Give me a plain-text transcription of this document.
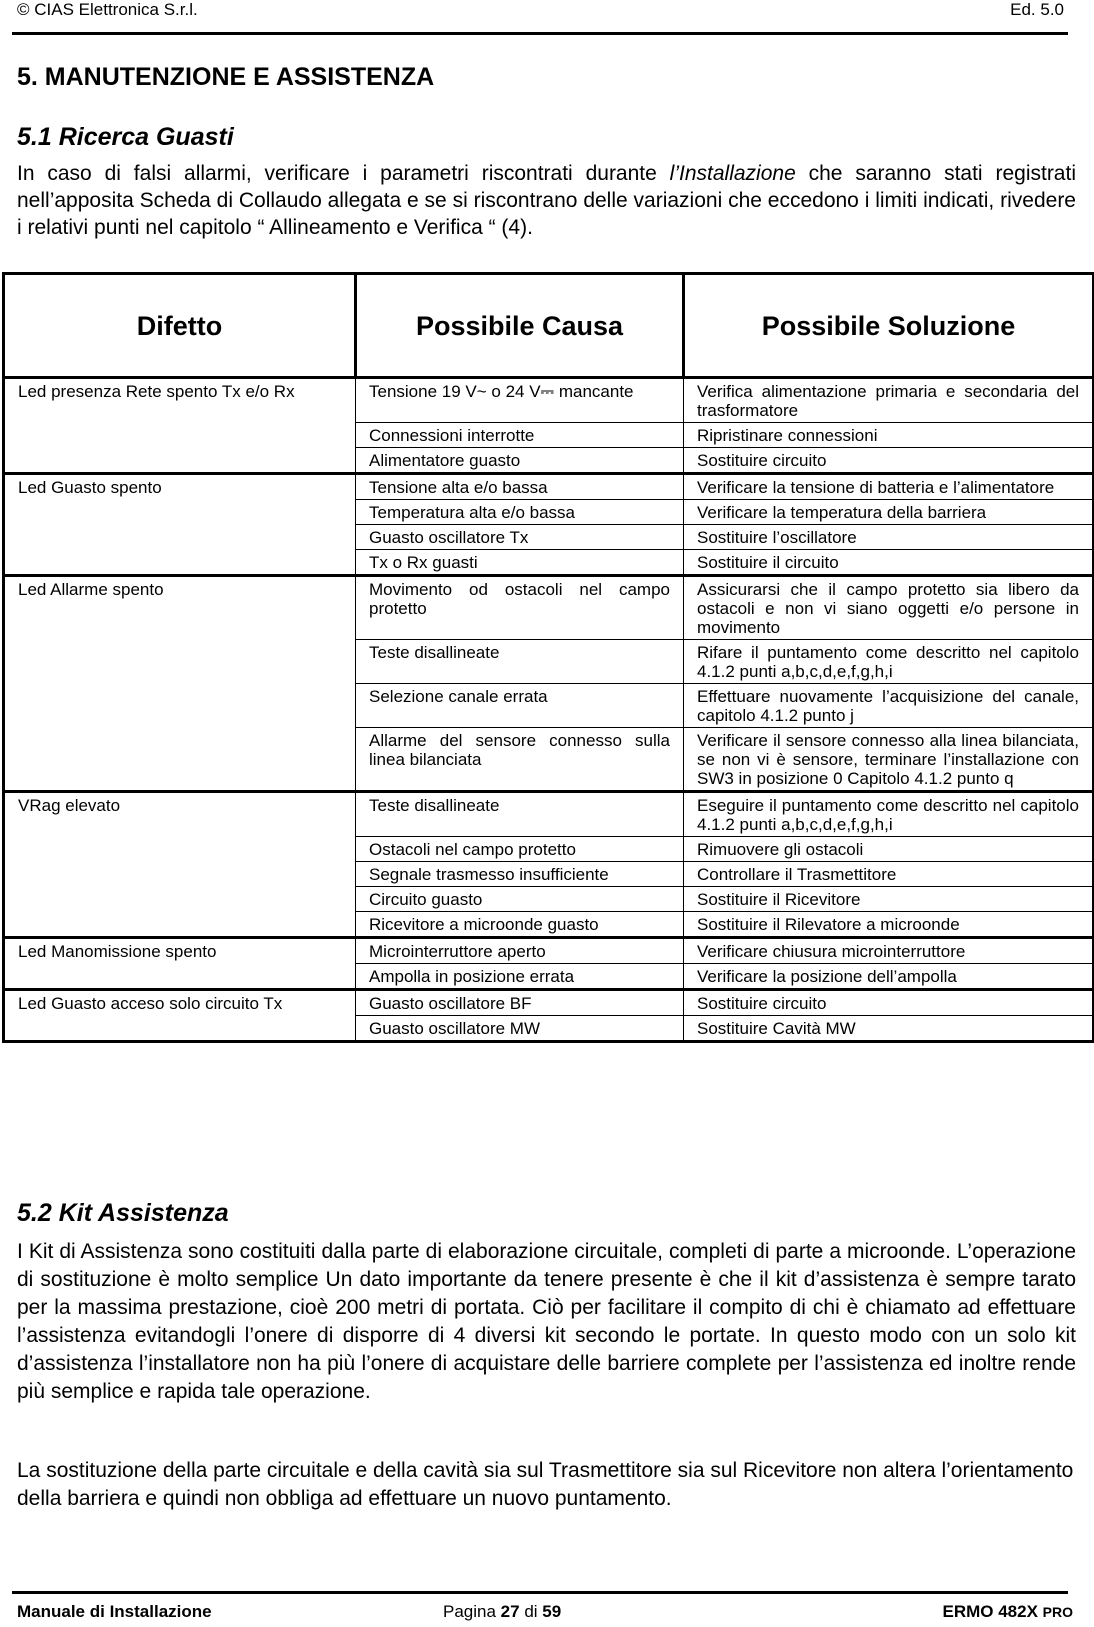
© CIAS Elettronica S.r.l.	Ed. 5.0
5. MANUTENZIONE E ASSISTENZA
5.1 Ricerca Guasti
In caso di falsi allarmi, verificare i parametri riscontrati durante l’Installazione che saranno stati registrati nell’apposita Scheda di Collaudo allegata e se si riscontrano delle variazioni che eccedono i limiti indicati, rivedere i relativi punti nel capitolo “ Allineamento e Verifica “ (4).
Difetto	Possibile Causa	Possibile Soluzione
Led presenza Rete spento Tx e/o Rx	Tensione 19 V~ o 24 V⎓ mancante	Verifica alimentazione primaria e secondaria del trasformatore
	Connessioni interrotte	Ripristinare connessioni
	Alimentatore guasto	Sostituire circuito
Led Guasto spento	Tensione alta e/o bassa	Verificare la tensione di batteria e l’alimentatore
	Temperatura alta e/o bassa	Verificare la temperatura della barriera
	Guasto oscillatore Tx	Sostituire l’oscillatore
	Tx o Rx guasti	Sostituire il circuito
Led Allarme spento	Movimento od ostacoli nel campo protetto	Assicurarsi che il campo protetto sia libero da ostacoli e non vi siano oggetti e/o persone in movimento
	Teste disallineate	Rifare il puntamento come descritto nel capitolo 4.1.2 punti a,b,c,d,e,f,g,h,i
	Selezione canale errata	Effettuare nuovamente l’acquisizione del canale, capitolo 4.1.2 punto j
	Allarme del sensore connesso sulla linea bilanciata	Verificare il sensore connesso alla linea bilanciata, se non vi è sensore, terminare l’installazione con SW3 in posizione 0 Capitolo 4.1.2 punto q
VRag elevato	Teste disallineate	Eseguire il puntamento come descritto nel capitolo 4.1.2 punti a,b,c,d,e,f,g,h,i
	Ostacoli nel campo protetto	Rimuovere gli ostacoli
	Segnale trasmesso insufficiente	Controllare il Trasmettitore
	Circuito guasto	Sostituire il Ricevitore
	Ricevitore a microonde guasto	Sostituire il Rilevatore a microonde
Led Manomissione spento	Microinterruttore aperto	Verificare chiusura microinterruttore
	Ampolla in posizione errata	Verificare la posizione dell’ampolla
Led Guasto acceso solo circuito Tx	Guasto oscillatore BF	Sostituire circuito
	Guasto oscillatore MW	Sostituire Cavità MW
5.2 Kit Assistenza
I Kit di Assistenza sono costituiti dalla parte di elaborazione circuitale, completi di parte a microonde. L’operazione di sostituzione è molto semplice Un dato importante da tenere presente è che il kit d’assistenza è sempre tarato per la massima prestazione, cioè 200 metri di portata. Ciò per facilitare il compito di chi è chiamato ad effettuare l’assistenza evitandogli l’onere di disporre di 4 diversi kit secondo le portate. In questo modo con un solo kit d’assistenza l’installatore non ha più l’onere di acquistare delle barriere complete per l’assistenza ed inoltre rende più semplice e rapida tale operazione.
La sostituzione della parte circuitale e della cavità sia sul Trasmettitore sia sul Ricevitore non altera l’orientamento della barriera e quindi non obbliga ad effettuare un nuovo puntamento.
Manuale di Installazione	Pagina 27 di 59	ERMO 482X PRO
